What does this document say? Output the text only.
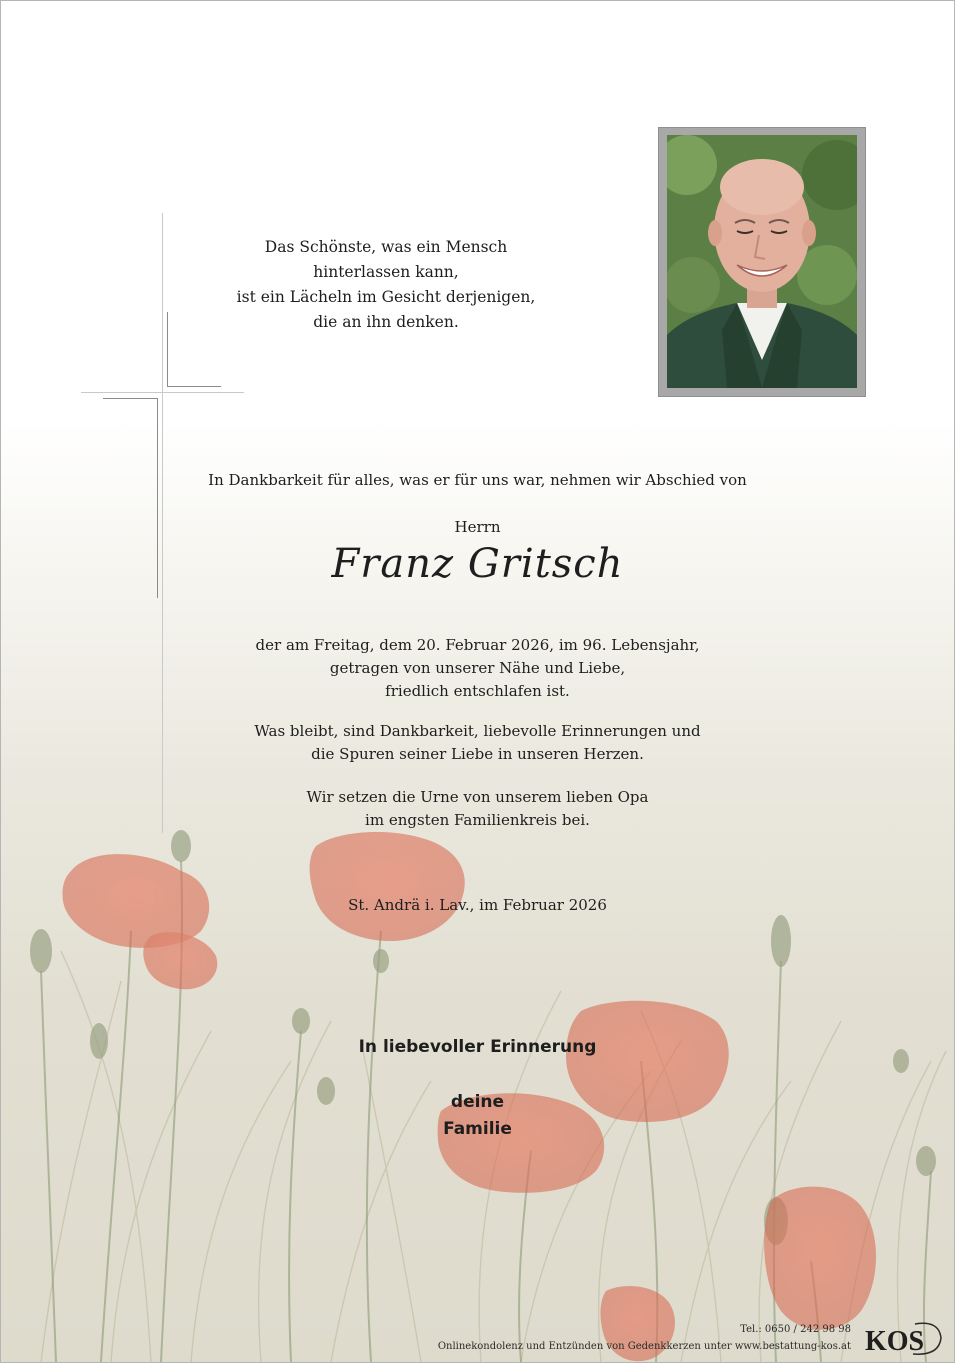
Das Schönste, was ein Mensch hinterlassen kann,
ist ein Lächeln im Gesicht derjenigen,
die an ihn denken.
In Dankbarkeit für alles, was er für uns war, nehmen wir Abschied von
Herrn
Franz Gritsch
der am Freitag, dem 20. Februar 2026, im 96. Lebensjahr,
getragen von unserer Nähe und Liebe,
friedlich entschlafen ist.
Was bleibt, sind Dankbarkeit, liebevolle Erinnerungen und
die Spuren seiner Liebe in unseren Herzen.
Wir setzen die Urne von unserem lieben Opa
im engsten Familienkreis bei.
St. Andrä i. Lav., im Februar 2026
In liebevoller Erinnerung
deine
Familie
Tel.: 0650 / 242 98 98
Onlinekondolenz und Entzünden von Gedenkkerzen unter www.bestattung-kos.at KOS
